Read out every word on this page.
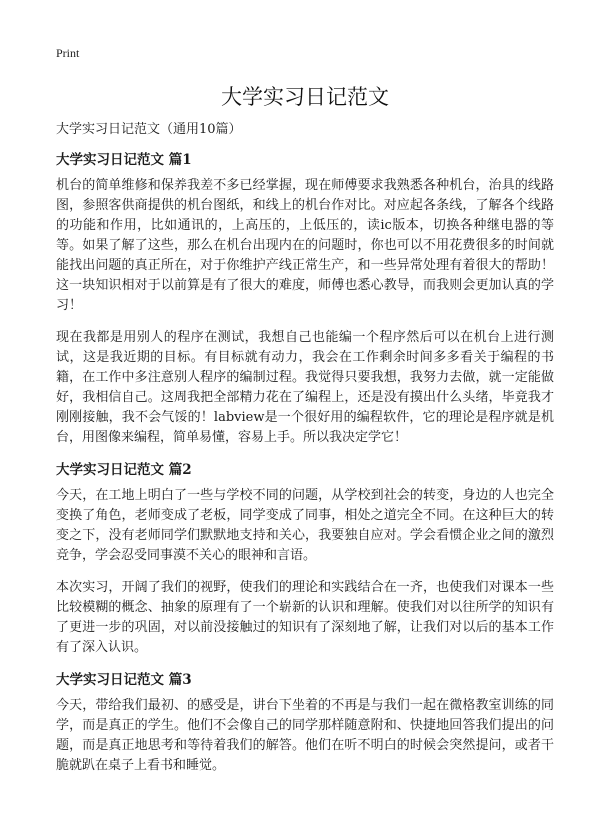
Print
大学实习日记范文

大学实习日记范文（通用10篇）

大学实习日记范文 篇1

机台的简单维修和保养我差不多已经掌握，现在师傅要求我熟悉各种机台，治具的线路图，参照客供商提供的机台图纸，和线上的机台作对比。对应起各条线，了解各个线路的功能和作用，比如通讯的，上高压的，上低压的，读ic版本，切换各种继电器的等等。如果了解了这些，那么在机台出现内在的问题时，你也可以不用花费很多的时间就能找出问题的真正所在，对于你维护产线正常生产，和一些异常处理有着很大的帮助！这一块知识相对于以前算是有了很大的难度，师傅也悉心教导，而我则会更加认真的学习！

现在我都是用别人的程序在测试，我想自己也能编一个程序然后可以在机台上进行测试，这是我近期的目标。有目标就有动力，我会在工作剩余时间多多看关于编程的书籍，在工作中多注意别人程序的编制过程。我觉得只要我想，我努力去做，就一定能做好，我相信自己。这周我把全部精力花在了编程上，还是没有摸出什么头绪，毕竟我才刚刚接触，我不会气馁的！labview是一个很好用的编程软件，它的理论是程序就是机台，用图像来编程，简单易懂，容易上手。所以我决定学它！

大学实习日记范文 篇2

今天，在工地上明白了一些与学校不同的问题，从学校到社会的转变，身边的人也完全变换了角色，老师变成了老板，同学变成了同事，相处之道完全不同。在这种巨大的转变之下，没有老师同学们默默地支持和关心，我要独自应对。学会看惯企业之间的激烈竞争，学会忍受同事漠不关心的眼神和言语。

本次实习，开阔了我们的视野，使我们的理论和实践结合在一齐，也使我们对课本一些比较模糊的概念、抽象的原理有了一个崭新的认识和理解。使我们对以往所学的知识有了更进一步的巩固，对以前没接触过的知识有了深刻地了解，让我们对以后的基本工作有了深入认识。

大学实习日记范文 篇3

今天，带给我们最初、的感受是，讲台下坐着的不再是与我们一起在微格教室训练的同学，而是真正的学生。他们不会像自己的同学那样随意附和、快捷地回答我们提出的问题，而是真正地思考和等待着我们的解答。他们在听不明白的时候会突然提问，或者干脆就趴在桌子上看书和睡觉。
